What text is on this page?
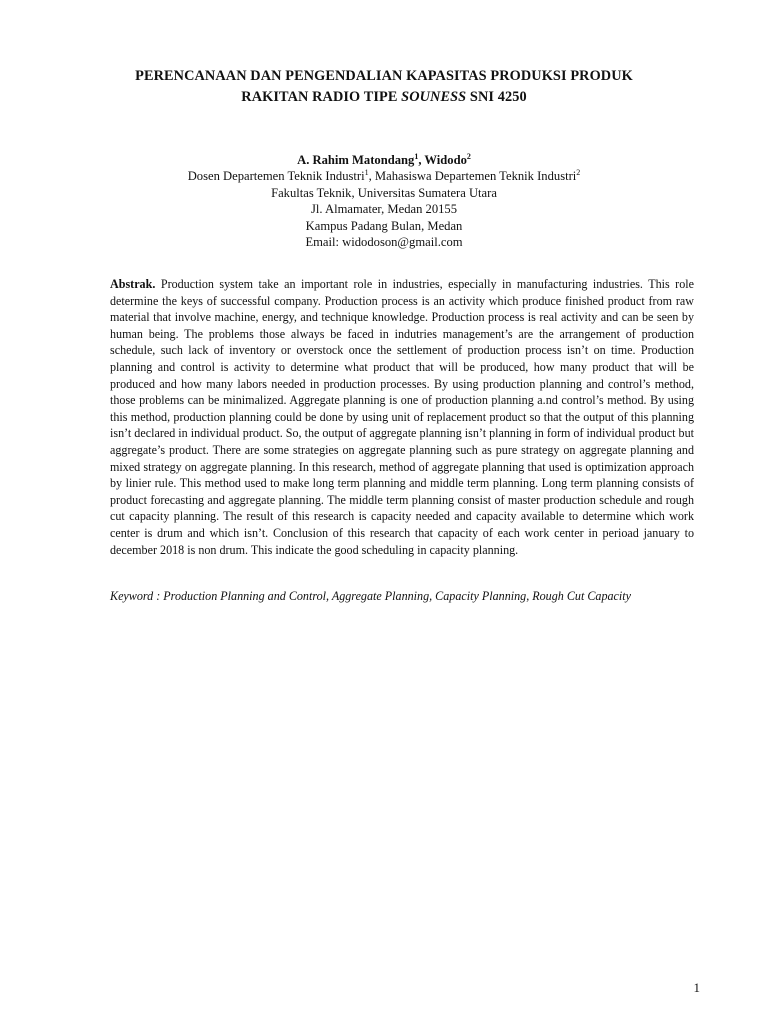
PERENCANAAN DAN PENGENDALIAN KAPASITAS PRODUKSI PRODUK
RAKITAN RADIO TIPE SOUNESS SNI 4250
A. Rahim Matondang$^1$, Widodo$^2$
Dosen Departemen Teknik Industri$^1$, Mahasiswa Departemen Teknik Industri$^2$
Fakultas Teknik, Universitas Sumatera Utara
Jl. Almamater, Medan 20155
Kampus Padang Bulan, Medan
Email: widodoson@gmail.com
Abstrak. Production system take an important role in industries, especially in manufacturing industries. This role determine the keys of successful company. Production process is an activity which produce finished product from raw material that involve machine, energy, and technique knowledge. Production process is real activity and can be seen by human being. The problems those always be faced in indutries management’s are the arrangement of production schedule, such lack of inventory or overstock once the settlement of production process isn’t on time. Production planning and control is activity to determine what product that will be produced, how many product that will be produced and how many labors needed in production processes. By using production planning and control’s method, those problems can be minimalized. Aggregate planning is one of production planning a.nd control’s method. By using this method, production planning could be done by using unit of replacement product so that the output of this planning isn’t declared in individual product. So, the output of aggregate planning isn’t planning in form of individual product but aggregate’s product. There are some strategies on aggregate planning such as pure strategy on aggregate planning and mixed strategy on aggregate planning. In this research, method of aggregate planning that used is optimization approach by linier rule. This method used to make long term planning and middle term planning. Long term planning consists of product forecasting and aggregate planning. The middle term planning consist of master production schedule and rough cut capacity planning. The result of this research is capacity needed and capacity available to determine which work center is drum and which isn’t. Conclusion of this research that capacity of each work center in perioad january to december 2018 is non drum. This indicate the good scheduling in capacity planning.
Keyword : Production Planning and Control, Aggregate Planning, Capacity Planning, Rough Cut Capacity
1
